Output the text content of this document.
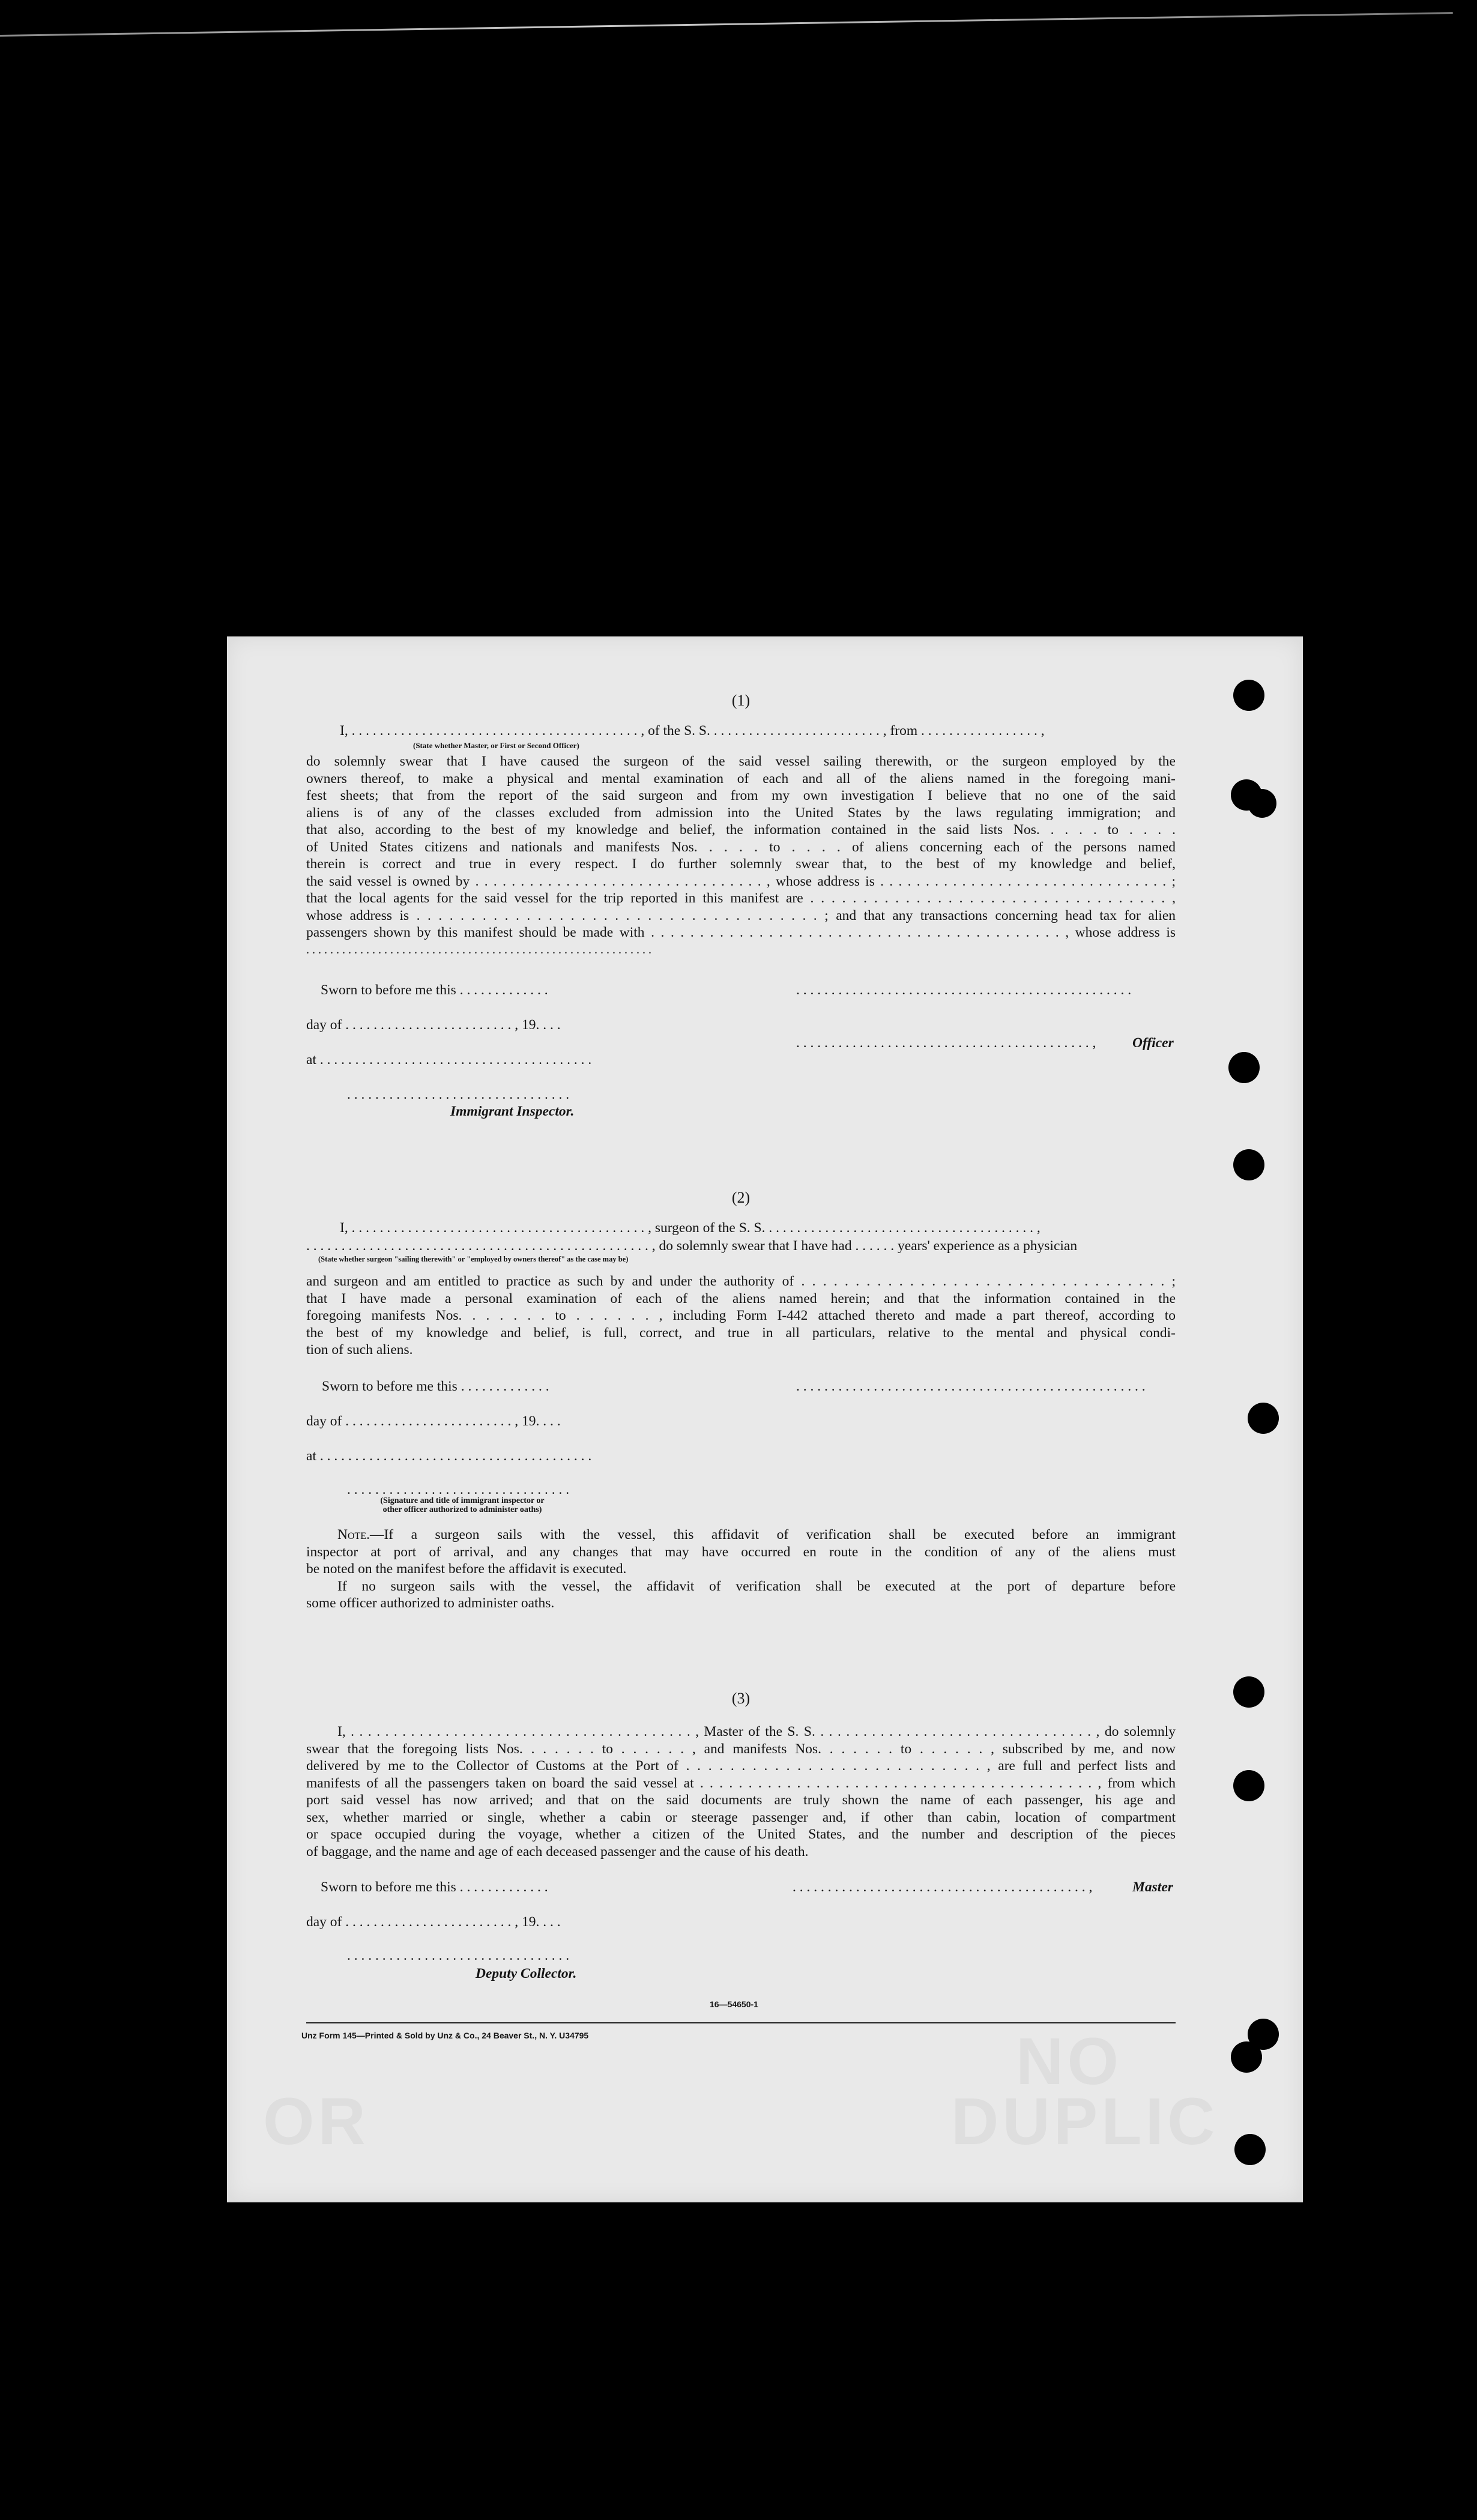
NO
DUPLIC
OR
(1)
I, . . . . . . . . . . . . . . . . . . . . . . . . . . . . . . . . . . . . . . . . . , of the S. S. . . . . . . . . . . . . . . . . . . . . . . . . , from . . . . . . . . . . . . . . . . . ,
(State whether Master, or First or Second Officer)
do solemnly swear that I have caused the surgeon of the said vessel sailing therewith, or the surgeon employed by the
owners thereof, to make a physical and mental examination of each and all of the aliens named in the foregoing mani-
fest sheets; that from the report of the said surgeon and from my own investigation I believe that no one of the said
aliens is of any of the classes excluded from admission into the United States by the laws regulating immigration; and
that also, according to the best of my knowledge and belief, the information contained in the said lists Nos. . . . . to . . . .
of United States citizens and nationals and manifests Nos. . . . . to . . . . of aliens concerning each of the persons named
therein is correct and true in every respect. I do further solemnly swear that, to the best of my knowledge and belief,
the said vessel is owned by . . . . . . . . . . . . . . . . . . . . . . . . . . . . . . . . , whose address is . . . . . . . . . . . . . . . . . . . . . . . . . . . . . . . . ;
that the local agents for the said vessel for the trip reported in this manifest are . . . . . . . . . . . . . . . . . . . . . . . . . . . . . . . . . . ,
whose address is . . . . . . . . . . . . . . . . . . . . . . . . . . . . . . . . . . . . . ; and that any transactions concerning head tax for alien
passengers shown by this manifest should be made with . . . . . . . . . . . . . . . . . . . . . . . . . . . . . . . . . . . . . . . . . . , whose address is
. . . . . . . . . . . . . . . . . . . . . . . . . . . . . . . . . . . . . . . . . . . . . . . . . . . . . . . . . .
Sworn to before me this . . . . . . . . . . . . .
day of . . . . . . . . . . . . . . . . . . . . . . . . , 19. . . .
at . . . . . . . . . . . . . . . . . . . . . . . . . . . . . . . . . . . . . . .
. . . . . . . . . . . . . . . . . . . . . . . . . . . . . . . .
Immigrant Inspector.
. . . . . . . . . . . . . . . . . . . . . . . . . . . . . . . . . . . . . . . . . . . . . . . .
. . . . . . . . . . . . . . . . . . . . . . . . . . . . . . . . . . . . . . . . . . ,	Officer
(2)
I, . . . . . . . . . . . . . . . . . . . . . . . . . . . . . . . . . . . . . . . . . . , surgeon of the S. S. . . . . . . . . . . . . . . . . . . . . . . . . . . . . . . . . . . . . . . ,
. . . . . . . . . . . . . . . . . . . . . . . . . . . . . . . . . . . . . . . . . . . . . . . . . , do solemnly swear that I have had . . . . . . years' experience as a physician
(State whether surgeon "sailing therewith" or "employed by owners thereof" as the case may be)
and surgeon and am entitled to practice as such by and under the authority of . . . . . . . . . . . . . . . . . . . . . . . . . . . . . . . . . . ;
that I have made a personal examination of each of the aliens named herein; and that the information contained in the
foregoing manifests Nos. . . . . . . to . . . . . . , including Form I-442 attached thereto and made a part thereof, according to
the best of my knowledge and belief, is full, correct, and true in all particulars, relative to the mental and physical condi-
tion of such aliens.
Sworn to before me this . . . . . . . . . . . . .
day of . . . . . . . . . . . . . . . . . . . . . . . . , 19. . . .
at . . . . . . . . . . . . . . . . . . . . . . . . . . . . . . . . . . . . . . .
. . . . . . . . . . . . . . . . . . . . . . . . . . . . . . . .
(Signature and title of immigrant inspector or
other officer authorized to administer oaths)
. . . . . . . . . . . . . . . . . . . . . . . . . . . . . . . . . . . . . . . . . . . . . . . . . .
Note.—If a surgeon sails with the vessel, this affidavit of verification shall be executed before an immigrant
inspector at port of arrival, and any changes that may have occurred en route in the condition of any of the aliens must
be noted on the manifest before the affidavit is executed.
If no surgeon sails with the vessel, the affidavit of verification shall be executed at the port of departure before
some officer authorized to administer oaths.
(3)
I, . . . . . . . . . . . . . . . . . . . . . . . . . . . . . . . . . . . . . . . . , Master of the S. S. . . . . . . . . . . . . . . . . . . . . . . . . . . . . . . . . , do solemnly
swear that the foregoing lists Nos. . . . . . . to . . . . . . , and manifests Nos. . . . . . . to . . . . . . , subscribed by me, and now
delivered by me to the Collector of Customs at the Port of . . . . . . . . . . . . . . . . . . . . . . . . . . . , are full and perfect lists and
manifests of all the passengers taken on board the said vessel at . . . . . . . . . . . . . . . . . . . . . . . . . . . . . . . . . . . . . . . . . , from which
port said vessel has now arrived; and that on the said documents are truly shown the name of each passenger, his age and
sex, whether married or single, whether a cabin or steerage passenger and, if other than cabin, location of compartment
or space occupied during the voyage, whether a citizen of the United States, and the number and description of the pieces
of baggage, and the name and age of each deceased passenger and the cause of his death.
Sworn to before me this . . . . . . . . . . . . .
day of . . . . . . . . . . . . . . . . . . . . . . . . , 19. . . .
. . . . . . . . . . . . . . . . . . . . . . . . . . . . . . . .
Deputy Collector.
. . . . . . . . . . . . . . . . . . . . . . . . . . . . . . . . . . . . . . . . . . ,	Master
16—54650-1
Unz Form 145—Printed & Sold by Unz & Co., 24 Beaver St., N. Y. U34795
